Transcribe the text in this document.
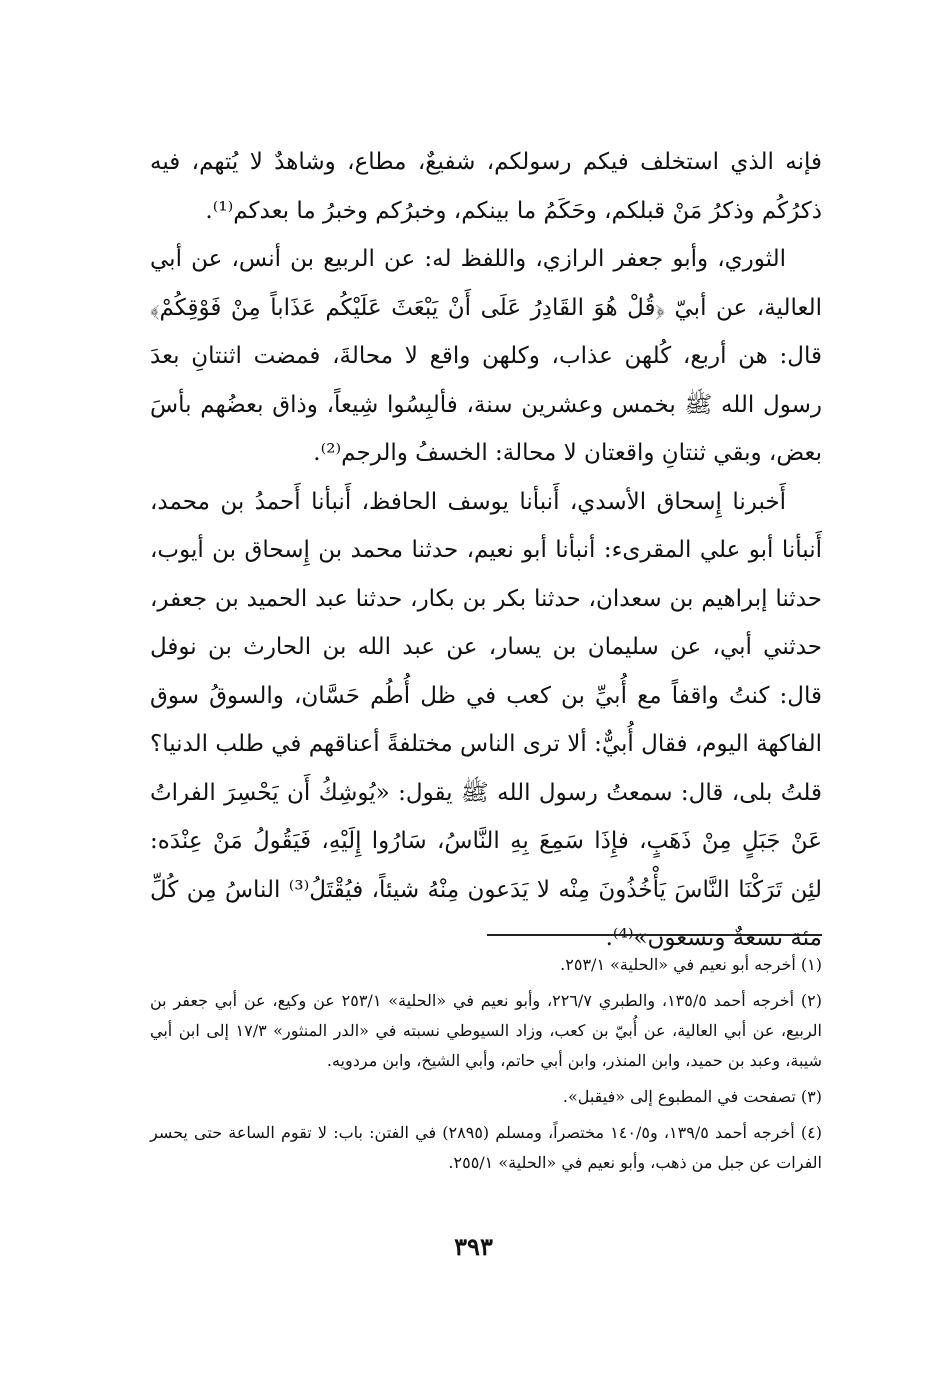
فإنه الذي استخلف فيكم رسولكم، شفيعٌ، مطاع، وشاهدٌ لا يُتهم، فيه ذكرُكُم وذكرُ مَنْ قبلكم، وحَكَمُ ما بينكم، وخبرُكم وخبرُ ما بعدكم⁽¹⁾.

الثوري، وأبو جعفر الرازي، واللفظ له: عن الربيع بن أنس، عن أبي العالية، عن أبيّ ﴿قُلْ هُوَ القَادِرُ عَلَى أَنْ يَبْعَثَ عَلَيْكُم عَذَاباً مِنْ فَوْقِكُمْ﴾ قال: هن أربع، كُلهن عذاب، وكلهن واقع لا محالةَ، فمضت اثنتانِ بعدَ رسول الله ﷺ بخمس وعشرين سنة، فألبِسُوا شِيعاً، وذاق بعضُهم بأسَ بعض، وبقي ثنتانِ واقعتان لا محالة: الخسفُ والرجم⁽²⁾.

أَخبرنا إِسحاق الأسدي، أَنبأنا يوسف الحافظ، أَنبأنا أَحمدُ بن محمد، أَنبأنا أبو علي المقرىء: أنبأنا أبو نعيم، حدثنا محمد بن إِسحاق بن أيوب، حدثنا إبراهيم بن سعدان، حدثنا بكر بن بكار، حدثنا عبد الحميد بن جعفر، حدثني أبي، عن سليمان بن يسار، عن عبد الله بن الحارث بن نوفل قال: كنتُ واقفاً مع أُبيِّ بن كعب في ظل أُطُم حَسَّان، والسوقُ سوق الفاكهة اليوم، فقال أُبيٌّ: ألا ترى الناس مختلفةً أعناقهم في طلب الدنيا؟ قلتُ بلى، قال: سمعتُ رسول الله ﷺ يقول: «يُوشِكُ أَن يَحْسِرَ الفراتُ عَنْ جَبَلٍ مِنْ ذَهَبٍ، فإِذَا سَمِعَ بِهِ النَّاسُ، سَارُوا إِلَيْهِ، فَيَقُولُ مَنْ عِنْدَه: لئِن تَرَكْنَا النَّاسَ يَأْخُذُونَ مِنْه لا يَدَعون مِنْهُ شيئاً، فيُقْتَلُ⁽³⁾ الناسُ مِن كُلِّ مئة تسعةٌ وتسعون»⁽⁴⁾.

(١) أخرجه أبو نعيم في «الحلية» ٢٥٣/١.

(٢) أخرجه أحمد ١٣٥/٥، والطبري ٢٢٦/٧، وأبو نعيم في «الحلية» ٢٥٣/١ عن وكيع، عن أبي جعفر بن الربيع، عن أبي العالية، عن أُبيّ بن كعب، وزاد السيوطي نسبته في «الدر المنثور» ١٧/٣ إلى ابن أبي شيبة، وعبد بن حميد، وابن المنذر، وابن أبي حاتم، وأبي الشيخ، وابن مردويه.

(٣) تصفحت في المطبوع إلى «فيقبل».

(٤) أخرجه أحمد ١٣٩/٥، و١٤٠/٥ مختصراً، ومسلم (٢٨٩٥) في الفتن: باب: لا تقوم الساعة حتى يحسر الفرات عن جبل من ذهب، وأبو نعيم في «الحلية» ٢٥٥/١.

٣٩٣
